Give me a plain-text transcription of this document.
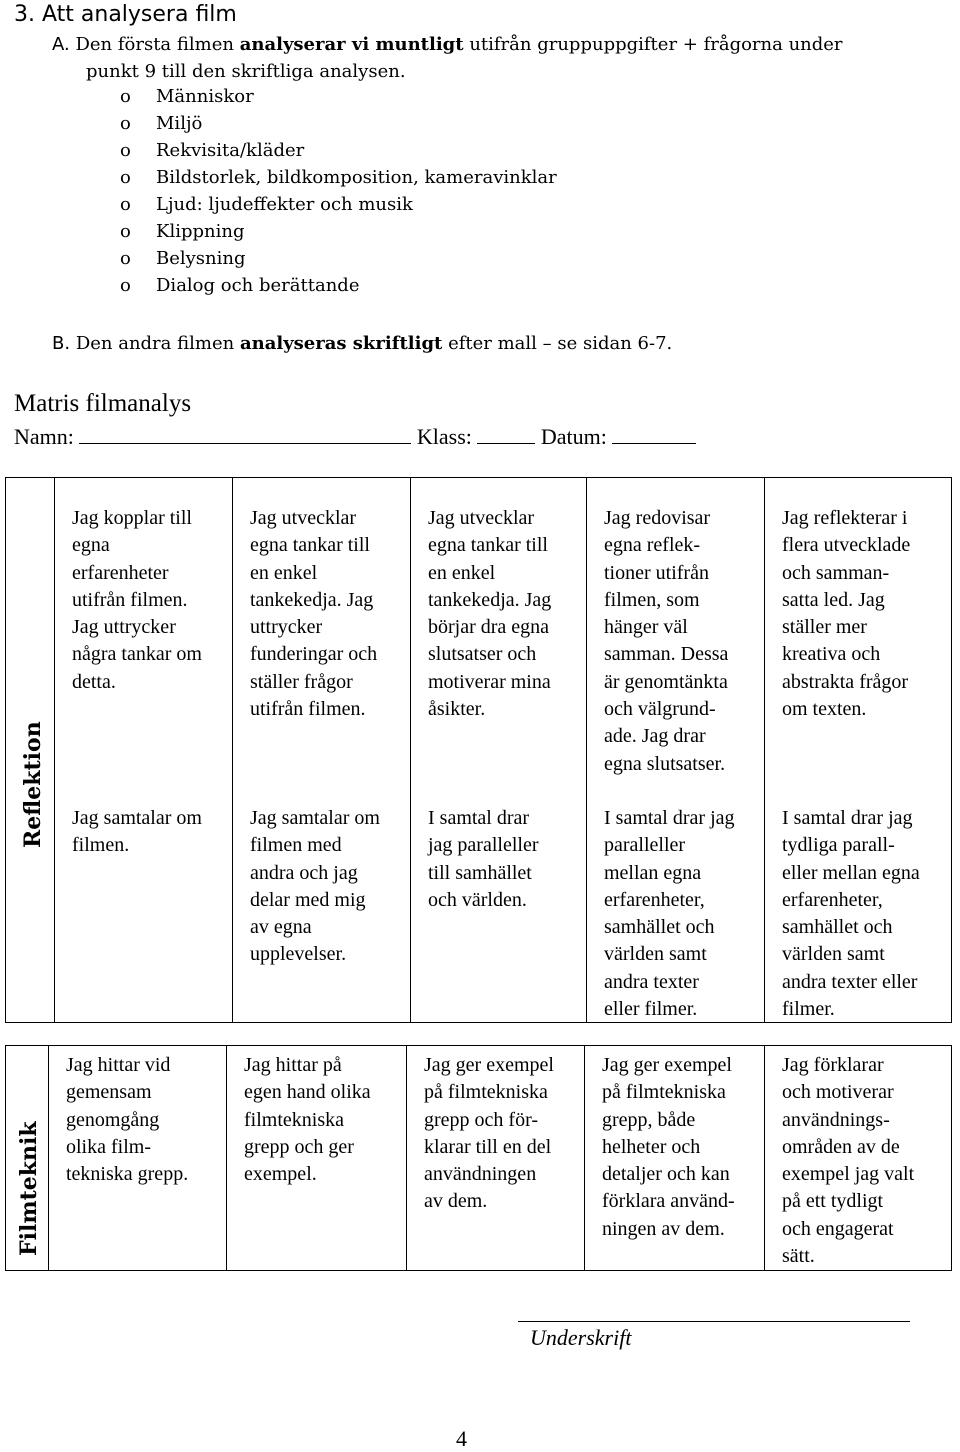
3. Att analysera film
A. Den första filmen analyserar vi muntligt utifrån gruppuppgifter + frågorna under
punkt 9 till den skriftliga analysen.
o Människor
o Miljö
o Rekvisita/kläder
o Bildstorlek, bildkomposition, kameravinklar
o Ljud: ljudeffekter och musik
o Klippning
o Belysning
o Dialog och berättande
B. Den andra filmen analyseras skriftligt efter mall – se sidan 6-7.
Matris filmanalys
Namn:	Klass:	Datum:
Reflektion
Jag kopplar till
egna
erfarenheter
utifrån filmen.
Jag uttrycker
några tankar om
detta.
Jag samtalar om
filmen.
Jag utvecklar
egna tankar till
en enkel
tankekedja. Jag
uttrycker
funderingar och
ställer frågor
utifrån filmen.
Jag samtalar om
filmen med
andra och jag
delar med mig
av egna
upplevelser.
Jag utvecklar
egna tankar till
en enkel
tankekedja. Jag
börjar dra egna
slutsatser och
motiverar mina
åsikter.
I samtal drar
jag paralleller
till samhället
och världen.
Jag redovisar
egna reflek-
tioner utifrån
filmen, som
hänger väl
samman. Dessa
är genomtänkta
och välgrund-
ade. Jag drar
egna slutsatser.
I samtal drar jag
paralleller
mellan egna
erfarenheter,
samhället och
världen samt
andra texter
eller filmer.
Jag reflekterar i
flera utvecklade
och samman-
satta led. Jag
ställer mer
kreativa och
abstrakta frågor
om texten.
I samtal drar jag
tydliga parall-
eller mellan egna
erfarenheter,
samhället och
världen samt
andra texter eller
filmer.
Filmteknik
Jag hittar vid
gemensam
genomgång
olika film-
tekniska grepp.
Jag hittar på
egen hand olika
filmtekniska
grepp och ger
exempel.
Jag ger exempel
på filmtekniska
grepp och för-
klarar till en del
användningen
av dem.
Jag ger exempel
på filmtekniska
grepp, både
helheter och
detaljer och kan
förklara använd-
ningen av dem.
Jag förklarar
och motiverar
användnings-
områden av de
exempel jag valt
på ett tydligt
och engagerat
sätt.
Underskrift
4
